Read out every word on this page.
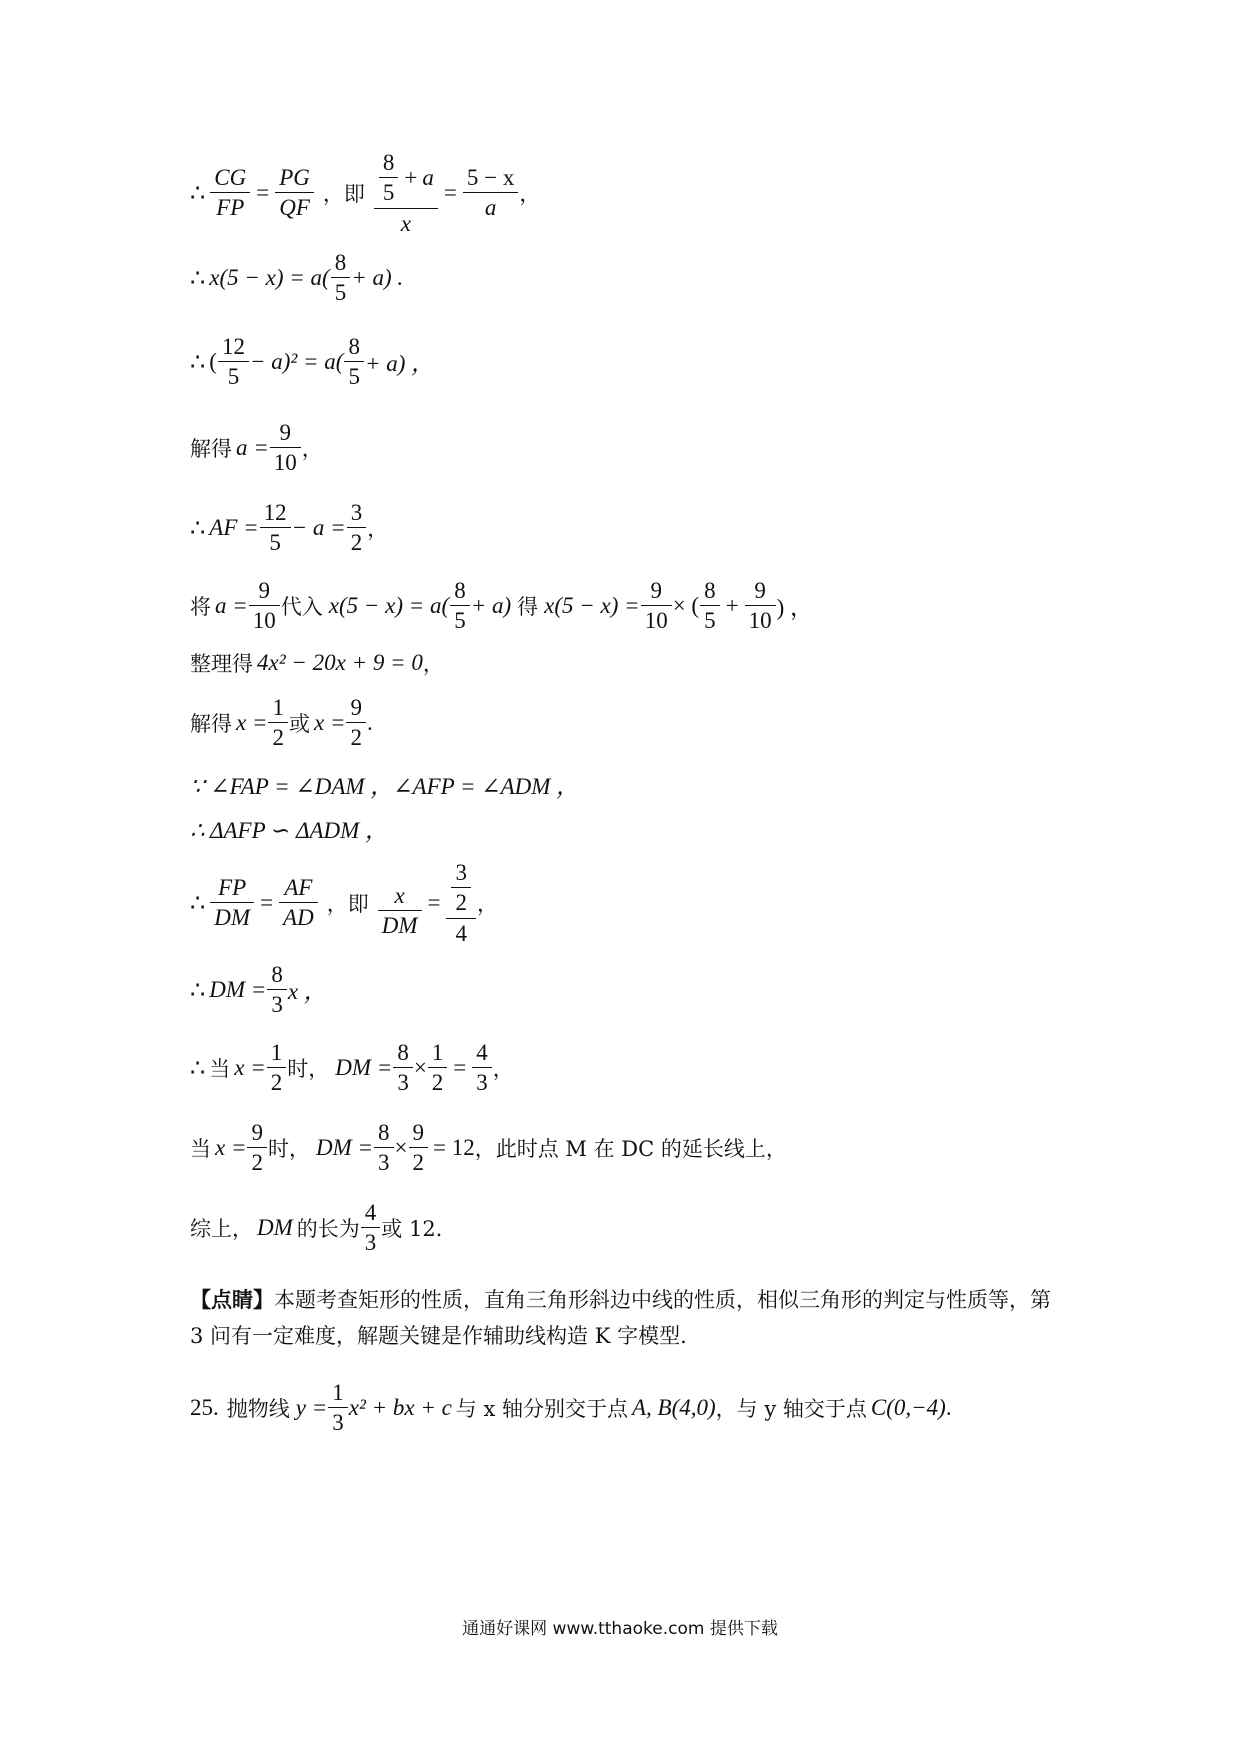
∴ $\frac{CG}{FP} = \frac{PG}{QF}$ ，即 $\frac{\frac{8}{5} + a}{x} = \frac{5 - x}{a}$ ，
∴ $x(5 - x) = a( \frac{8}{5} + a)$ .
∴ ( $\frac{12}{5} - a)^2 = a( \frac{8}{5} + a)$ ，
解得 $a = \frac{9}{10}$ ，
∴ AF = $\frac{12}{5} - a = \frac{3}{2}$ ，
将 $a = \frac{9}{10}$ 代入 $x(5 - x) = a( \frac{8}{5} + a)$ 得 $x(5 - x) = \frac{9}{10}$ × ( $\frac{8}{5} + \frac{9}{10}$ ) ，
整理得 4x² − 20x + 9 = 0 ，
解得 $x = \frac{1}{2}$ 或 $x = \frac{9}{2}$ .
∵ ∠FAP = ∠DAM ，∠AFP = ∠ADM ，
∴ ΔAFP ∽ ΔADM ，
∴ $\frac{FP}{DM} = \frac{AF}{AD}$ ，即 $\frac{x}{DM} = \frac{\frac{3}{2}}{4}$ ，
∴ DM = $\frac{8}{3}$ x ，
∴ 当 $x = \frac{1}{2}$ 时， DM = $\frac{8}{3} \times \frac{1}{2} = \frac{4}{3}$ ，
当 $x = \frac{9}{2}$ 时， DM = $\frac{8}{3} \times \frac{9}{2} = 12$ ，此时点 M 在 DC 的延长线上，
综上， DM 的长为 $\frac{4}{3}$ 或 12.
【点睛】本题考查矩形的性质，直角三角形斜边中线的性质，相似三角形的判定与性质等，第 3 问有一定难度，解题关键是作辅助线构造 K 字模型.
25. 抛物线 $y = \frac{1}{3} x^2$ + bx + c 与 x 轴分别交于点 A, B(4,0) ，与 y 轴交于点 C(0,−4) .
通通好课网 www.tthaoke.com 提供下载
